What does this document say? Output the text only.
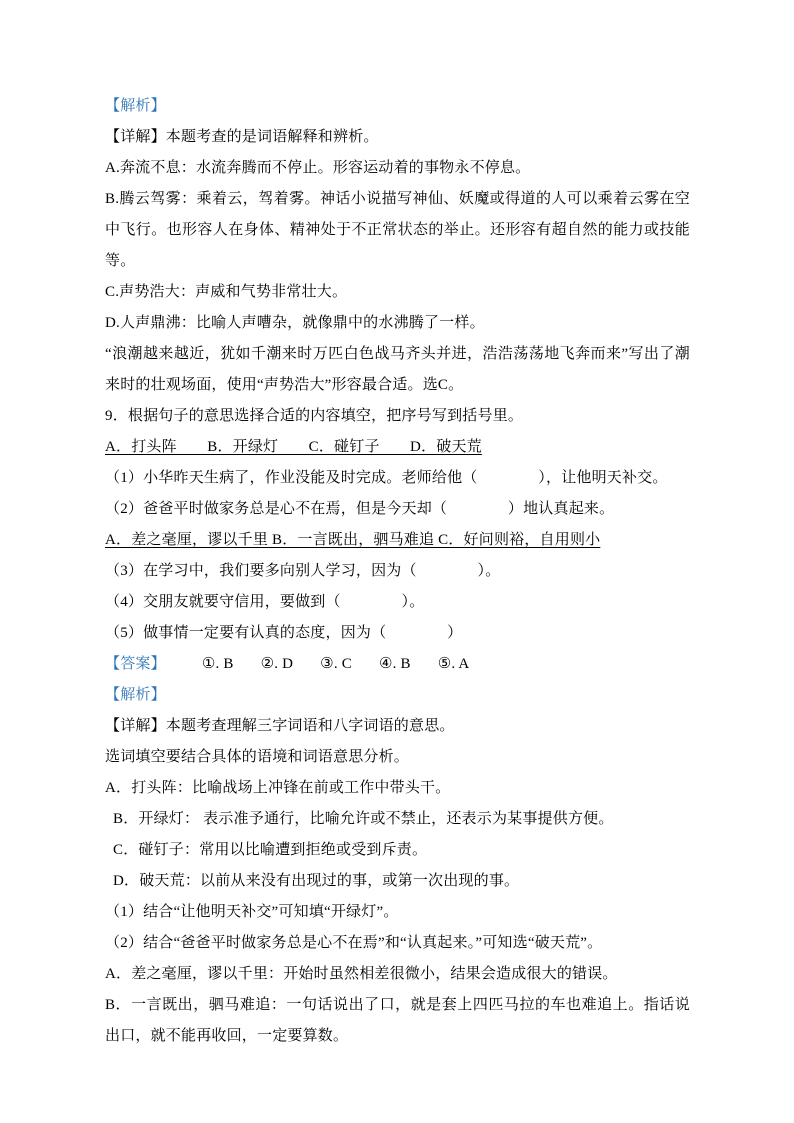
【解析】

【详解】本题考查的是词语解释和辨析。

A.奔流不息：水流奔腾而不停止。形容运动着的事物永不停息。

B.腾云驾雾：乘着云，驾着雾。神话小说描写神仙、妖魔或得道的人可以乘着云雾在空中飞行。也形容人在身体、精神处于不正常状态的举止。还形容有超自然的能力或技能等。

C.声势浩大：声威和气势非常壮大。

D.人声鼎沸：比喻人声嘈杂，就像鼎中的水沸腾了一样。

“浪潮越来越近，犹如千潮来时万匹白色战马齐头并进，浩浩荡荡地飞奔而来”写出了潮来时的壮观场面，使用“声势浩大”形容最合适。选C。

9．根据句子的意思选择合适的内容填空，把序号写到括号里。

A．打头阵　　B．开绿灯　　C．碰钉子　　D．破天荒

（1）小华昨天生病了，作业没能及时完成。老师给他（　　　　），让他明天补交。

（2）爸爸平时做家务总是心不在焉，但是今天却（　　　　）地认真起来。

A．差之毫厘，谬以千里 B．一言既出，驷马难追 C．好问则裕，自用则小

（3）在学习中，我们要多向别人学习，因为（　　　　）。

（4）交朋友就要守信用，要做到（　　　　）。

（5）做事情一定要有认真的态度，因为（　　　　）

【答案】 ①. B ②. D ③. C ④. B ⑤. A

【解析】

【详解】本题考查理解三字词语和八字词语的意思。

选词填空要结合具体的语境和词语意思分析。

A．打头阵：比喻战场上冲锋在前或工作中带头干。

B．开绿灯： 表示准予通行，比喻允许或不禁止，还表示为某事提供方便。

C．碰钉子：常用以比喻遭到拒绝或受到斥责。

D．破天荒：以前从来没有出现过的事，或第一次出现的事。

（1）结合“让他明天补交”可知填“开绿灯”。

（2）结合“爸爸平时做家务总是心不在焉”和“认真起来。”可知选“破天荒”。

A．差之毫厘，谬以千里：开始时虽然相差很微小，结果会造成很大的错误。

B．一言既出，驷马难追：一句话说出了口，就是套上四匹马拉的车也难追上。指话说出口，就不能再收回，一定要算数。
